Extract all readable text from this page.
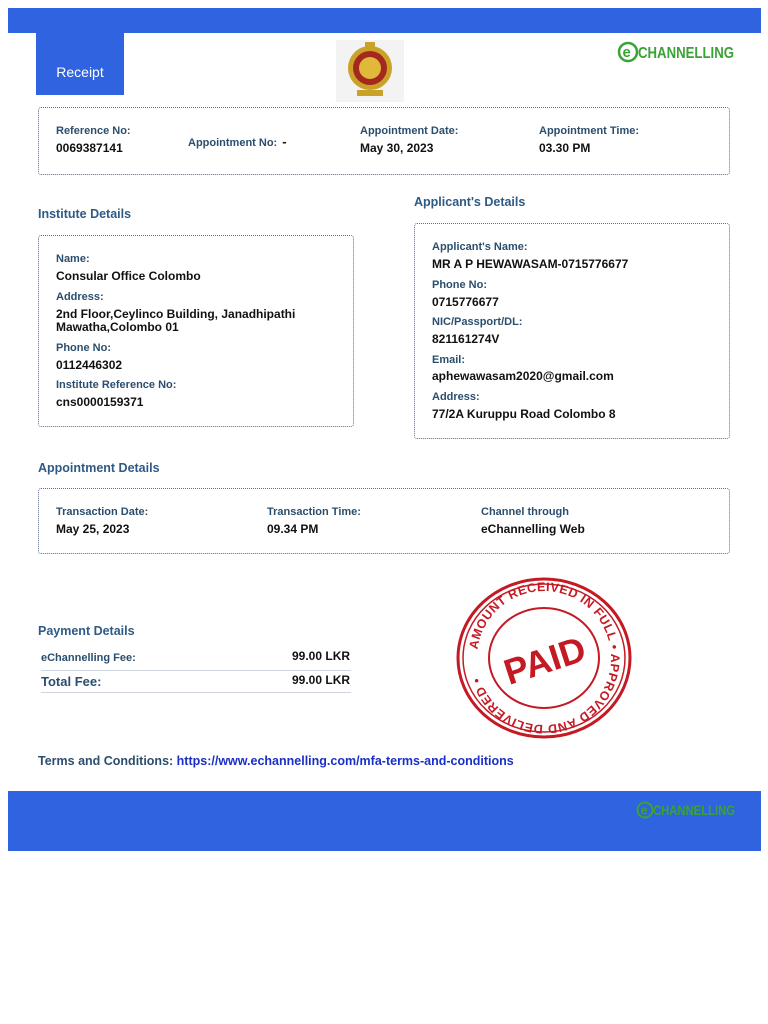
Receipt
e CHANNELLING
Reference No:
0069387141	Appointment No: -
Appointment Date:
May 30, 2023
Appointment Time:
03.30 PM
Institute Details
Name:
Consular Office Colombo
Address:
2nd Floor,Ceylinco Building, Janadhipathi
Mawatha,Colombo 01
Phone No:
0112446302
Institute Reference No:
cns0000159371
Applicant's Details
Applicant's Name:
MR A P HEWAWASAM-0715776677
Phone No:
0715776677
NIC/Passport/DL:
821161274V
Email:
aphewawasam2020@gmail.com
Address:
77/2A Kuruppu Road Colombo 8
Appointment Details
Transaction Date:
May 25, 2023
Transaction Time:
09.34 PM
Channel through
eChannelling Web
Payment Details
eChannelling Fee:	99.00 LKR
Total Fee:	99.00 LKR
AMOUNT RECEIVED IN FULL • APPROVED AND DELIVERED • PAID
Terms and Conditions: https://www.echannelling.com/mfa-terms-and-conditions
e CHANNELLING
